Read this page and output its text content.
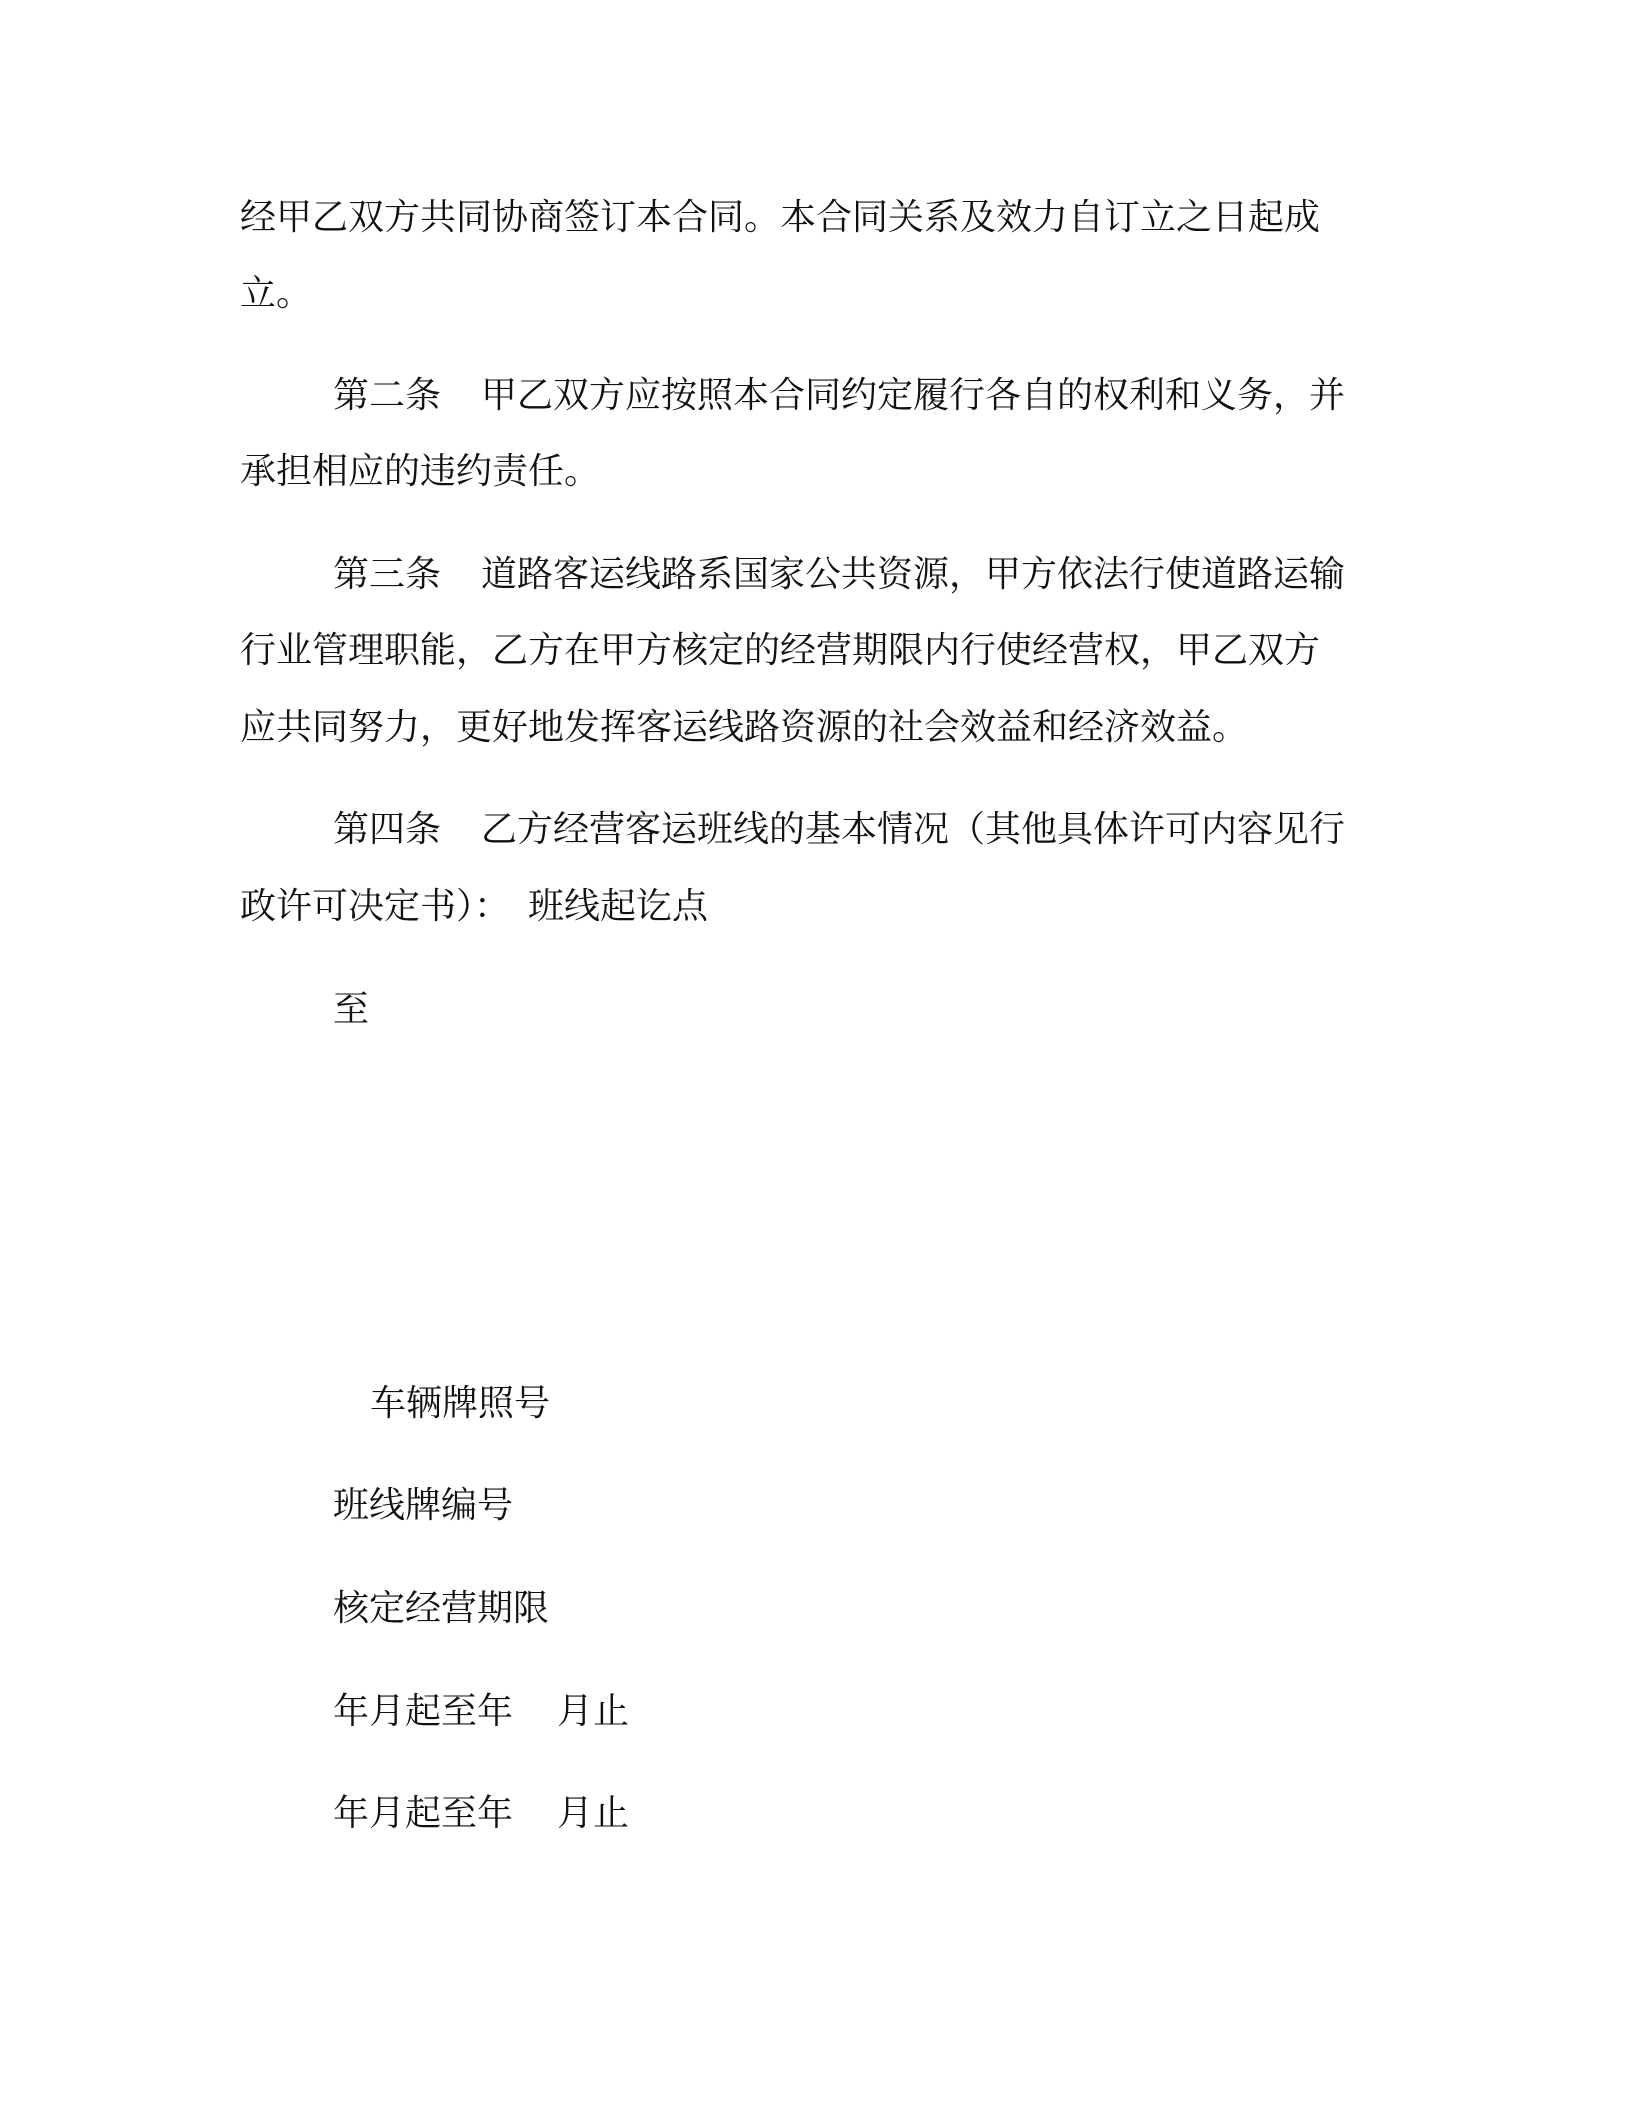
经甲乙双方共同协商签订本合同。本合同关系及效力自订立之日起成
立。
第二条 甲乙双方应按照本合同约定履行各自的权利和义务，并
承担相应的违约责任。
第三条 道路客运线路系国家公共资源，甲方依法行使道路运输
行业管理职能，乙方在甲方核定的经营期限内行使经营权，甲乙双方
应共同努力，更好地发挥客运线路资源的社会效益和经济效益。
第四条 乙方经营客运班线的基本情况（其他具体许可内容见行
政许可决定书）： 班线起讫点
至
车辆牌照号
班线牌编号
核定经营期限
年月起至年 月止
年月起至年 月止
